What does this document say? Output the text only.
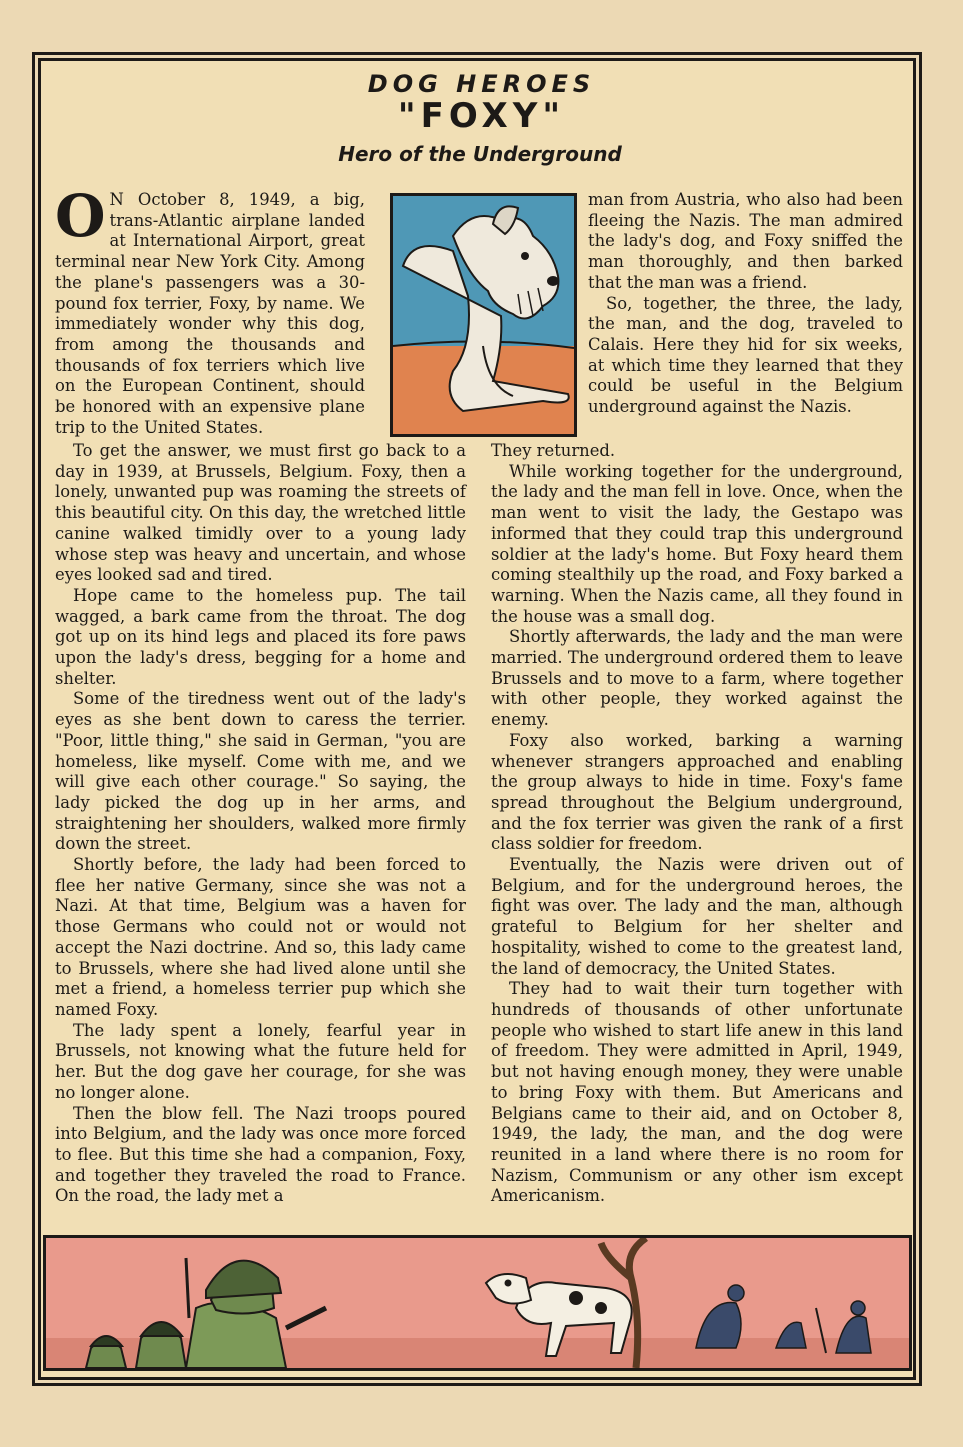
DOG HEROES
"FOXY"
Hero of the Underground

O N October 8, 1949, a big, trans-Atlantic airplane landed at International Airport, great terminal near New York City. Among the plane's passengers was a 30-pound fox terrier, Foxy, by name. We immediately wonder why this dog, from among the thousands and thousands of fox terriers which live on the European Continent, should be honored with an expensive plane trip to the United States.

To get the answer, we must first go back to a day in 1939, at Brussels, Belgium. Foxy, then a lonely, unwanted pup was roaming the streets of this beautiful city. On this day, the wretched little canine walked timidly over to a young lady whose step was heavy and uncertain, and whose eyes looked sad and tired.

Hope came to the homeless pup. The tail wagged, a bark came from the throat. The dog got up on its hind legs and placed its fore paws upon the lady's dress, begging for a home and shelter.

Some of the tiredness went out of the lady's eyes as she bent down to caress the terrier. "Poor, little thing," she said in German, "you are homeless, like myself. Come with me, and we will give each other courage." So saying, the lady picked the dog up in her arms, and straightening her shoulders, walked more firmly down the street.

Shortly before, the lady had been forced to flee her native Germany, since she was not a Nazi. At that time, Belgium was a haven for those Germans who could not or would not accept the Nazi doctrine. And so, this lady came to Brussels, where she had lived alone until she met a friend, a homeless terrier pup which she named Foxy.

The lady spent a lonely, fearful year in Brussels, not knowing what the future held for her. But the dog gave her courage, for she was no longer alone.

Then the blow fell. The Nazi troops poured into Belgium, and the lady was once more forced to flee. But this time she had a companion, Foxy, and together they traveled the road to France. On the road, the lady met a

man from Austria, who also had been fleeing the Nazis. The man admired the lady's dog, and Foxy sniffed the man thoroughly, and then barked that the man was a friend.

So, together, the three, the lady, the man, and the dog, traveled to Calais. Here they hid for six weeks, at which time they learned that they could be useful in the Belgium underground against the Nazis.

They returned.

While working together for the underground, the lady and the man fell in love. Once, when the man went to visit the lady, the Gestapo was informed that they could trap this underground soldier at the lady's home. But Foxy heard them coming stealthily up the road, and Foxy barked a warning. When the Nazis came, all they found in the house was a small dog.

Shortly afterwards, the lady and the man were married. The underground ordered them to leave Brussels and to move to a farm, where together with other people, they worked against the enemy.

Foxy also worked, barking a warning whenever strangers approached and enabling the group always to hide in time. Foxy's fame spread throughout the Belgium underground, and the fox terrier was given the rank of a first class soldier for freedom.

Eventually, the Nazis were driven out of Belgium, and for the underground heroes, the fight was over. The lady and the man, although grateful to Belgium for her shelter and hospitality, wished to come to the greatest land, the land of democracy, the United States.

They had to wait their turn together with hundreds of thousands of other unfortunate people who wished to start life anew in this land of freedom. They were admitted in April, 1949, but not having enough money, they were unable to bring Foxy with them. But Americans and Belgians came to their aid, and on October 8, 1949, the lady, the man, and the dog were reunited in a land where there is no room for Nazism, Communism or any other ism except Americanism.
